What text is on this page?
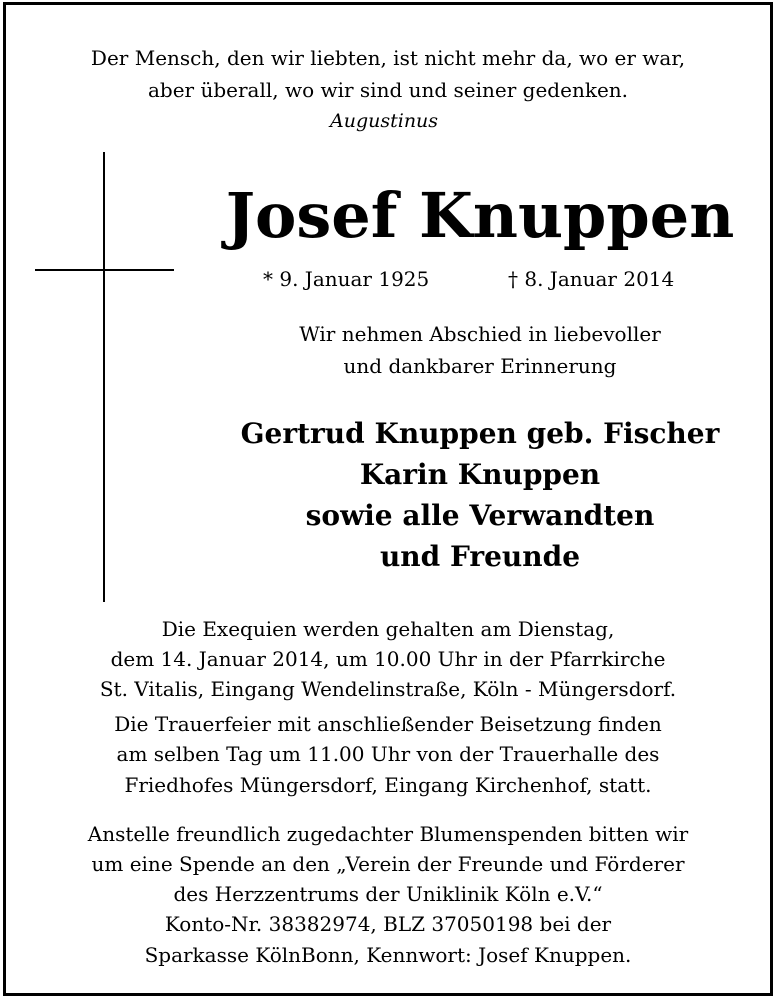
Der Mensch, den wir liebten, ist nicht mehr da, wo er war,
aber überall, wo wir sind und seiner gedenken.
Augustinus
Josef Knuppen
* 9. Januar 1925	† 8. Januar 2014
Wir nehmen Abschied in liebevoller
und dankbarer Erinnerung
Gertrud Knuppen geb. Fischer
Karin Knuppen
sowie alle Verwandten
und Freunde
Die Exequien werden gehalten am Dienstag,
dem 14. Januar 2014, um 10.00 Uhr in der Pfarrkirche
St. Vitalis, Eingang Wendelinstraße, Köln - Müngersdorf.
Die Trauerfeier mit anschließender Beisetzung finden
am selben Tag um 11.00 Uhr von der Trauerhalle des
Friedhofes Müngersdorf, Eingang Kirchenhof, statt.
Anstelle freundlich zugedachter Blumenspenden bitten wir
um eine Spende an den „Verein der Freunde und Förderer
des Herzzentrums der Uniklinik Köln e.V.“
Konto-Nr. 38382974, BLZ 37050198 bei der
Sparkasse KölnBonn, Kennwort: Josef Knuppen.
